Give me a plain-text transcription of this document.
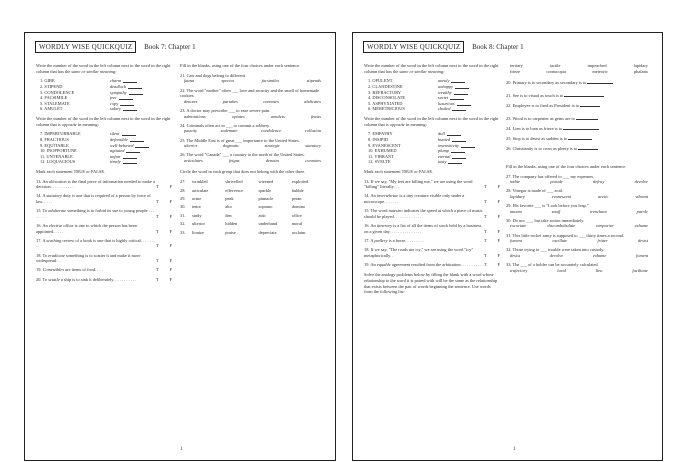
WORDLY WISE QUICKQUIZ Book 7: Chapter 1

Write the number of the word in the left column next to the word in the right column that has the same or similar meaning:

1. GIBE	charm
2. STIPEND	deadlock
3. CONDOLENCE	sympathy
4. FACSIMILE	jeer
5. STALEMATE	copy
6. AMULET	salary

Write the number of the word in the left column next to the word in the right column that is opposite in meaning:

7. IMPERTURBABLE	silent
8. FRACTIOUS	defensible
9. EQUITABLE	well-behaved
10. INOPPORTUNE	agitated
11. UNTENABLE	unfair
12. LOQUACIOUS	timely

Mark each statement TRUE or FALSE.

13. An allocation is the final piece of information needed to make a decision. . . . . . . . . . .	T F
14. A statutory duty is one that is required of a person by force of law. . . . .	T F
15. To adulterate something is to forbid its use to young people . . . . . . . .	T F
16. An elective office is one to which the person has been appointed. . . . .	T F
17. A scathing review of a book is one that is highly critical. . . . . . . . .	T F
18. To eradicate something is to scatter it and make it more widespread. . .	T F
19. Comestibles are items of food. . . .	T F
20. To scuttle a ship is to sink it deliberately. . . . . . . . . . .	T F

Fill in the blanks, using one of the four choices under each sentence.

21. Cats and dogs belong to different
fauna	species	facsimiles	stipends
22. The word "mother" often ___ love and security and the smell of homemade cookies.
denotes	partakes	connotes	abdicates
23. A doctor may prescribe ___ to ease severe pain.
admonitions	opiates	amulets	feasts
24. Criminals often act in ___ to commit a robbery.
paucity	stalemate	condolence	collusion
25. The Middle East is of great ___ importance to the United States.
ulterior	dogmatic	strategic	statutory
26. The word "Canada" ___ a country to the north of the United States.
articulates	feigns	denotes	connotes

Circle the word in each group that does not belong with the other three.

27.	wrinkled	shrivelled	wizened	exploited
28.	articulate	effervesce	sparkle	bubble
29.	acme	peak	pinnacle	peran
30.	tenor	alto	soprano	domino
31.	study	den	attic	office
32.	ulterior	hidden	underhand	moral
33.	lionize	praise	depreciate	acclaim
1
WORDLY WISE QUICKQUIZ Book 8: Chapter 1

Write the number of the word in the left column next to the word in the right column that has the same or similar meaning:

1. OPULENT	unruly
2. CLANDESTINE	unhappy
3. REFRACTORY	wealthy
4. DISCONSOLATE	secret
5. ASPHYXIATED	luxurious
6. MERETRICIOUS	choked

Write the number of the word in the left column next to the word in the right column that is opposite in meaning:

7. EMPATHY	dull
8. INSIPID	hunted
9. EVANESCENT	insensitivity
10. EXHUMED	plump
11. VIBRANT	eternal
12. SVELTE	tasty

Mark each statement TRUE or FALSE.

13. If we say, "My feet are killing me," we are using the word "killing" literally. . .	T F
14. An invertebrate is a tiny creature visible only under a microscope. . . . . . .	T F
15. The word maestro indicates the speed at which a piece of music should be played. . . . . . . . . . . . .	T F
16. An itinerary is a list of all the items of stock held by a business on a given day. . . . . . . . . . . . . . .	T F
17. A pedlery is a horse. . . . . . . . .	T F
18. If we say, "The roads are icy," we are using the word "icy" metaphorically. .	T F
19. An equable agreement resulted from the arbitration. . . . . . . . . . . T F

Solve the analogy problems below by filling the blank with a word whose relationship to the word it is paired with will be the same as the relationship that exists between the pair of words beginning the sentence. Use words from the following list:

tertiary	tactile	impeached	lapidary
frieze	cornucopia	meteoric	phalanx
20. Primary is to secondary as secondary is to
21. See is to visual as touch is to
22. Employee is to fired as President is to
23. Wood is to carpenter as gems are to
24. Lien is to loan as frieze is to
25. Stop is to desist as sudden is to
26. Christianity is to cross as plenty is to

Fill in the blanks, using one of the four choices under each sentence.

27. The company has offered to ___ my expenses.
indite	parade	defray	devolve
28. Vinegar is made of ___ acid.
lapidary	evanescent	acetic	vibrant
29. His favorite ___ is "Look before you leap."
maxim	snuff	trenchant	parole
30. Do not ___, but take action immediately.
excoriate	discombobulate	temporize	exhume
31. This little rocket army is supposed to ___ thirty times a second.
foment	oscillate	fritter	desist
32. Those trying to ___ trouble were taken into custody.
desist	devolve	exhume	foment
33. The ___ of a holder can be accurately calculated.
trajectory	lurid	lieu	facilitate
1
